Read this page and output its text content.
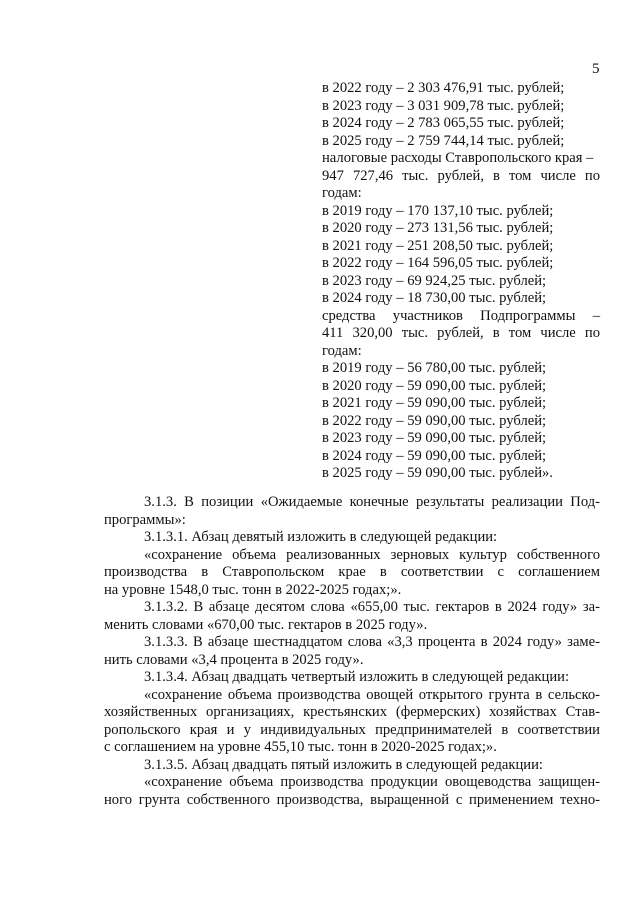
5
в 2022 году – 2 303 476,91 тыс. рублей;
в 2023 году – 3 031 909,78 тыс. рублей;
в 2024 году – 2 783 065,55 тыс. рублей;
в 2025 году – 2 759 744,14 тыс. рублей;
налоговые расходы Ставропольского края –
947 727,46 тыс. рублей, в том числе по
годам:
в 2019 году – 170 137,10 тыс. рублей;
в 2020 году – 273 131,56 тыс. рублей;
в 2021 году – 251 208,50 тыс. рублей;
в 2022 году – 164 596,05 тыс. рублей;
в 2023 году – 69 924,25 тыс. рублей;
в 2024 году – 18 730,00 тыс. рублей;
средства участников Подпрограммы –
411 320,00 тыс. рублей, в том числе по
годам:
в 2019 году – 56 780,00 тыс. рублей;
в 2020 году – 59 090,00 тыс. рублей;
в 2021 году – 59 090,00 тыс. рублей;
в 2022 году – 59 090,00 тыс. рублей;
в 2023 году – 59 090,00 тыс. рублей;
в 2024 году – 59 090,00 тыс. рублей;
в 2025 году – 59 090,00 тыс. рублей».
3.1.3. В позиции «Ожидаемые конечные результаты реализации Под-
программы»:
3.1.3.1. Абзац девятый изложить в следующей редакции:
«сохранение объема реализованных зерновых культур собственного
производства в Ставропольском крае в соответствии с соглашением
на уровне 1548,0 тыс. тонн в 2022-2025 годах;».
3.1.3.2. В абзаце десятом слова «655,00 тыс. гектаров в 2024 году» за-
менить словами «670,00 тыс. гектаров в 2025 году».
3.1.3.3. В абзаце шестнадцатом слова «3,3 процента в 2024 году» заме-
нить словами «3,4 процента в 2025 году».
3.1.3.4. Абзац двадцать четвертый изложить в следующей редакции:
«сохранение объема производства овощей открытого грунта в сельско-
хозяйственных организациях, крестьянских (фермерских) хозяйствах Став-
ропольского края и у индивидуальных предпринимателей в соответствии
с соглашением на уровне 455,10 тыс. тонн в 2020-2025 годах;».
3.1.3.5. Абзац двадцать пятый изложить в следующей редакции:
«сохранение объема производства продукции овощеводства защищен-
ного грунта собственного производства, выращенной с применением техно-
